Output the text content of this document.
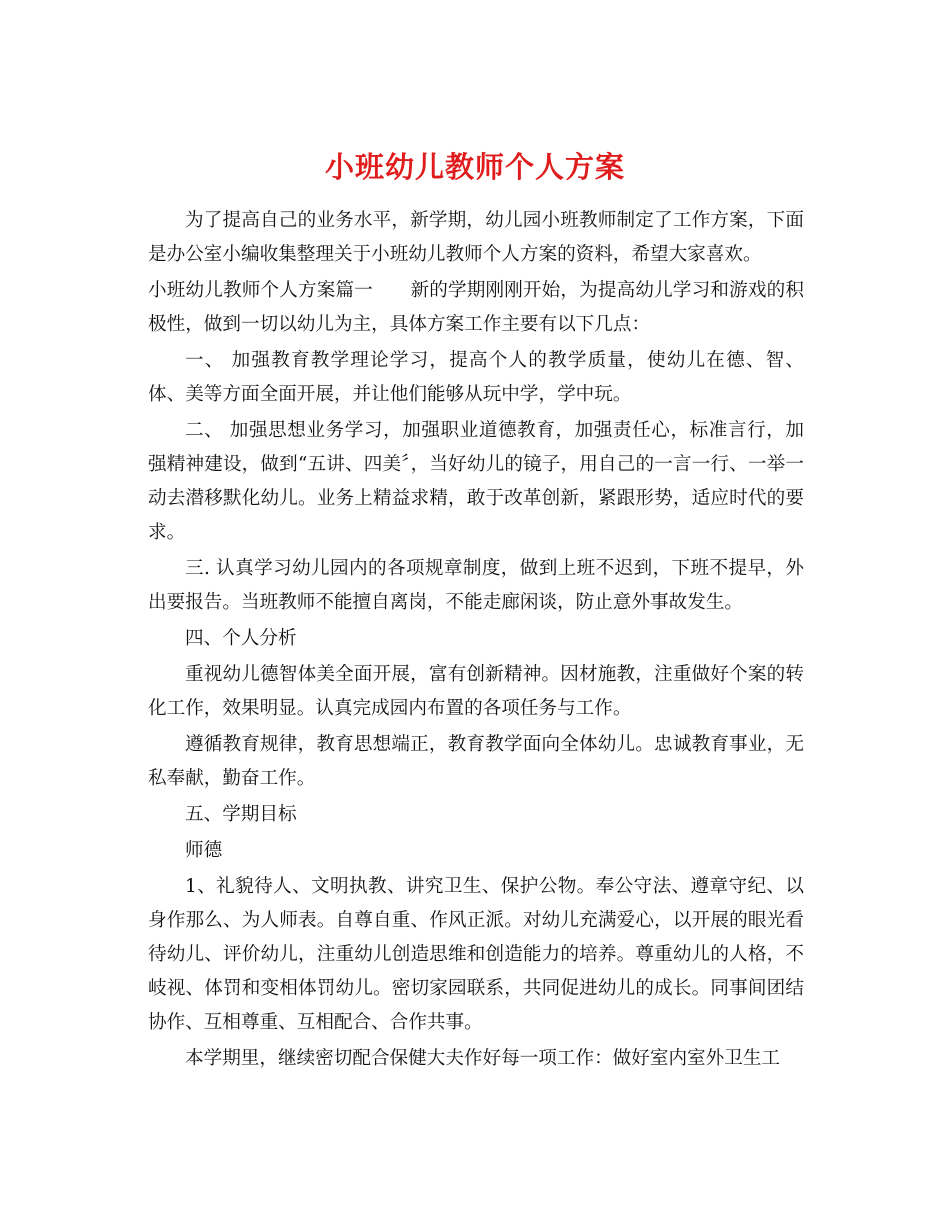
小班幼儿教师个人方案

为了提高自己的业务水平，新学期，幼儿园小班教师制定了工作方案，下面是办公室小编收集整理关于小班幼儿教师个人方案的资料，希望大家喜欢。

小班幼儿教师个人方案篇一　　新的学期刚刚开始，为提高幼儿学习和游戏的积极性，做到一切以幼儿为主，具体方案工作主要有以下几点：

一、 加强教育教学理论学习，提高个人的教学质量，使幼儿在德、智、体、美等方面全面开展，并让他们能够从玩中学，学中玩。

二、 加强思想业务学习，加强职业道德教育，加强责任心，标准言行，加强精神建设，做到“五讲、四美〞，当好幼儿的镜子，用自己的一言一行、一举一动去潜移默化幼儿。业务上精益求精，敢于改革创新，紧跟形势，适应时代的要求。

三. 认真学习幼儿园内的各项规章制度，做到上班不迟到，下班不提早，外出要报告。当班教师不能擅自离岗，不能走廊闲谈，防止意外事故发生。

四、个人分析

重视幼儿德智体美全面开展，富有创新精神。因材施教，注重做好个案的转化工作，效果明显。认真完成园内布置的各项任务与工作。

遵循教育规律，教育思想端正，教育教学面向全体幼儿。忠诚教育事业，无私奉献，勤奋工作。

五、学期目标

师德

1、礼貌待人、文明执教、讲究卫生、保护公物。奉公守法、遵章守纪、以身作那么、为人师表。自尊自重、作风正派。对幼儿充满爱心，以开展的眼光看待幼儿、评价幼儿，注重幼儿创造思维和创造能力的培养。尊重幼儿的人格，不岐视、体罚和变相体罚幼儿。密切家园联系，共同促进幼儿的成长。同事间团结协作、互相尊重、互相配合、合作共事。

本学期里，继续密切配合保健大夫作好每一项工作：做好室内室外卫生工
